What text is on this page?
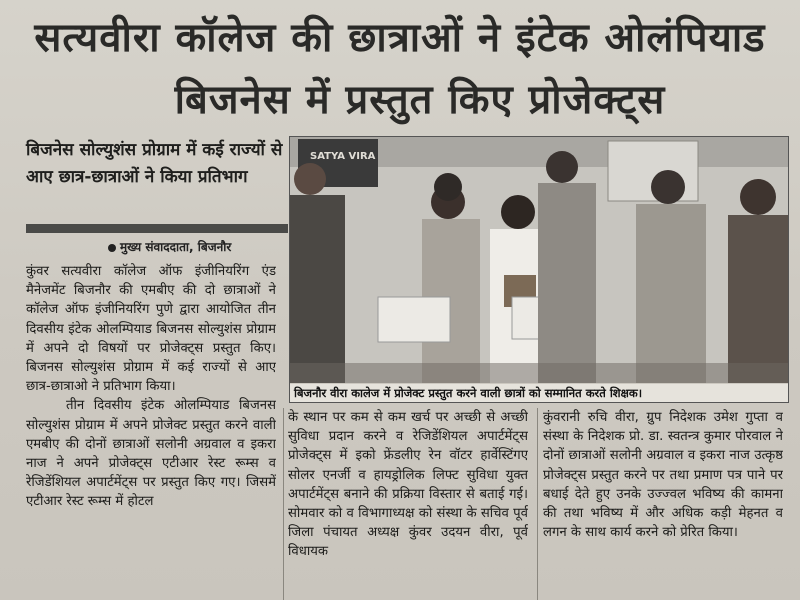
सत्यवीरा कॉलेज की छात्राओं ने इंटेक ओलंपियाड
बिजनेस में प्रस्तुत किए प्रोजेक्ट्स
बिजनेस सोल्युशंस प्रोग्राम में कई राज्यों से आए छात्र-छात्राओं ने किया प्रतिभाग
मुख्य संवाददाता, बिजनौर

कुंवर सत्यवीरा कॉलेज ऑफ इंजीनियरिंग एंड मैनेजमेंट बिजनौर की एमबीए की दो छात्राओं ने कॉलेज ऑफ इंजीनियरिंग पुणे द्वारा आयोजित तीन दिवसीय इंटेक ओलम्पियाड बिजनस सोल्युशंस प्रोग्राम में अपने दो विषयों पर प्रोजेक्ट्स प्रस्तुत किए। बिजनस सोल्युशंस प्रोग्राम में कई राज्यों से आए छात्र-छात्राओ ने प्रतिभाग किया।

तीन दिवसीय इंटेक ओलम्पियाड बिजनस सोल्युशंस प्रोग्राम में अपने प्रोजेक्ट प्रस्तुत करने वाली एमबीए की दोनों छात्राओं सलोनी अग्रवाल व इकरा नाज ने अपने प्रोजेक्ट्स एटीआर रेस्ट रूम्स व रेजिडेंशियल अपार्टमेंट्स पर प्रस्तुत किए गए। जिसमें एटीआर रेस्ट रूम्स में होटल

SATYA VIRA
बिजनौर वीरा कालेज में प्रोजेक्ट प्रस्तुत करने वाली छात्रों को सम्मानित करते शिक्षक।

के स्थान पर कम से कम खर्च पर अच्छी से अच्छी सुविधा प्रदान करने व रेजिडेंशियल अपार्टमेंट्स प्रोजेक्ट्स में इको फ्रेंडलीए रेन वॉटर हार्वेस्टिंगए सोलर एनर्जी व हायड्रोलिक लिफ्ट सुविधा युक्त अपार्टमेंट्स बनाने की प्रक्रिया विस्तार से बताई गई। सोमवार को व विभागाध्यक्ष को संस्था के सचिव पूर्व जिला पंचायत अध्यक्ष कुंवर उदयन वीरा, पूर्व विधायक

कुंवरानी रुचि वीरा, ग्रुप निदेशक उमेश गुप्ता व संस्था के निदेशक प्रो. डा. स्वतन्त्र कुमार पोरवाल ने दोनों छात्राओं सलोनी अग्रवाल व इकरा नाज उत्कृष्ठ प्रोजेक्ट्स प्रस्तुत करने पर तथा प्रमाण पत्र पाने पर बधाई देते हुए उनके उज्ज्वल भविष्य की कामना की तथा भविष्य में और अधिक कड़ी मेहनत व लगन के साथ कार्य करने को प्रेरित किया।
